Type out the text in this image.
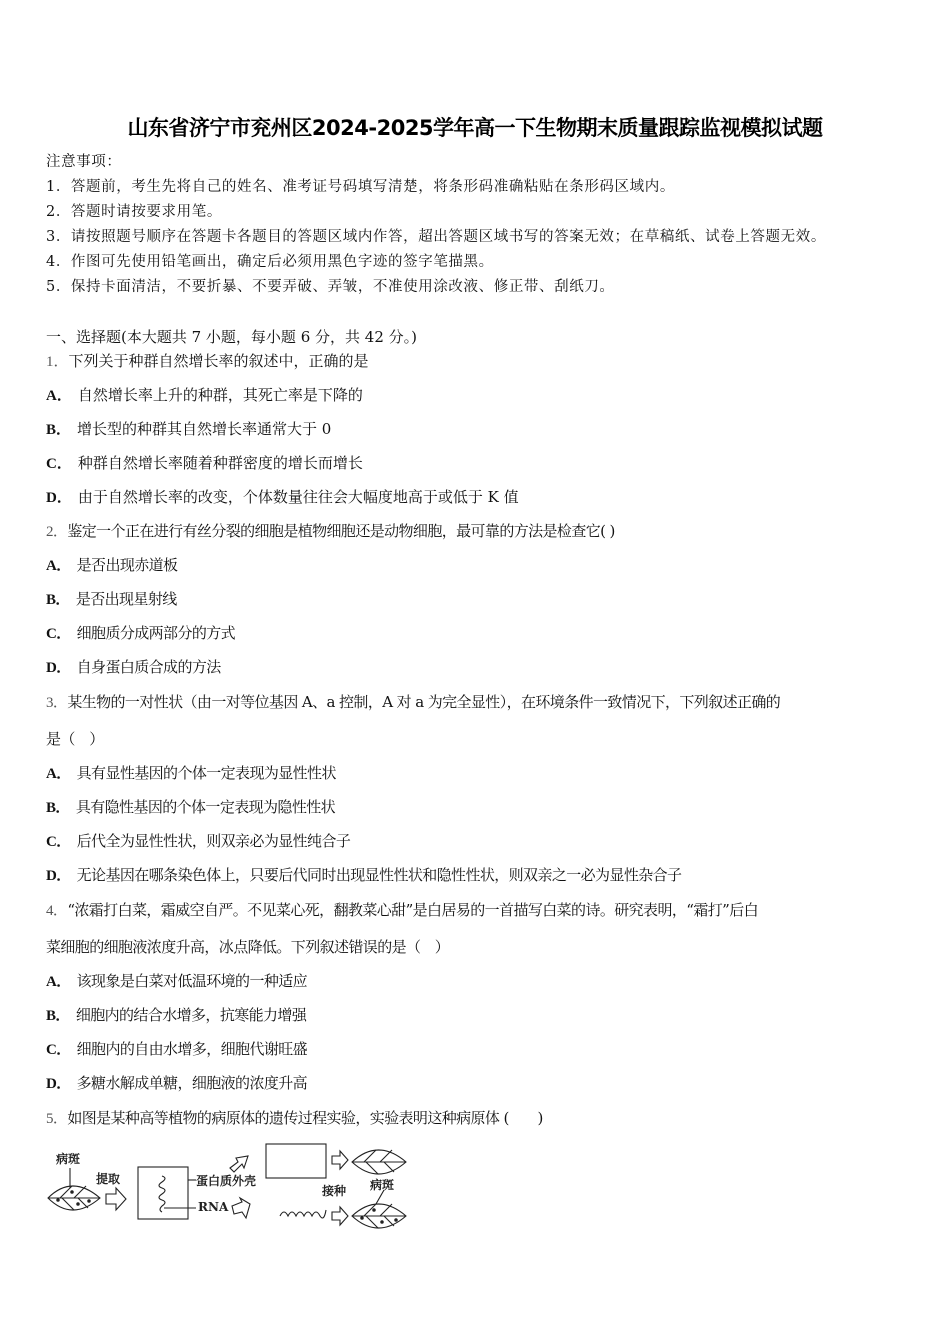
山东省济宁市兖州区2024-2025学年高一下生物期末质量跟踪监视模拟试题
注意事项：
1．答题前，考生先将自己的姓名、准考证号码填写清楚，将条形码准确粘贴在条形码区域内。
2．答题时请按要求用笔。
3．请按照题号顺序在答题卡各题目的答题区域内作答，超出答题区域书写的答案无效；在草稿纸、试卷上答题无效。
4．作图可先使用铅笔画出，确定后必须用黑色字迹的签字笔描黑。
5．保持卡面清洁，不要折暴、不要弄破、弄皱，不准使用涂改液、修正带、刮纸刀。
一、选择题(本大题共 7 小题，每小题 6 分，共 42 分。)
1．下列关于种群自然增长率的叙述中，正确的是
A． 自然增长率上升的种群，其死亡率是下降的
B． 增长型的种群其自然增长率通常大于 0
C． 种群自然增长率随着种群密度的增长而增长
D． 由于自然增长率的改变，个体数量往往会大幅度地高于或低于 K 值
2．鉴定一个正在进行有丝分裂的细胞是植物细胞还是动物细胞，最可靠的方法是检查它( )
A． 是否出现赤道板
B． 是否出现星射线
C． 细胞质分成两部分的方式
D． 自身蛋白质合成的方法
3．某生物的一对性状（由一对等位基因 A、a 控制，A 对 a 为完全显性），在环境条件一致情况下，下列叙述正确的
是（　）
A． 具有显性基因的个体一定表现为显性性状
B． 具有隐性基因的个体一定表现为隐性性状
C． 后代全为显性性状，则双亲必为显性纯合子
D． 无论基因在哪条染色体上，只要后代同时出现显性性状和隐性性状，则双亲之一必为显性杂合子
4．“浓霜打白菜，霜威空自严。不见菜心死，翻教菜心甜”是白居易的一首描写白菜的诗。研究表明，“霜打”后白
菜细胞的细胞液浓度升高，冰点降低。下列叙述错误的是（　）
A． 该现象是白菜对低温环境的一种适应
B． 细胞内的结合水增多，抗寒能力增强
C． 细胞内的自由水增多，细胞代谢旺盛
D． 多糖水解成单糖，细胞液的浓度升高
5．如图是某种高等植物的病原体的遗传过程实验，实验表明这种病原体 (　　)
病斑
提取	蛋白质外壳
RNA
接种 病斑
